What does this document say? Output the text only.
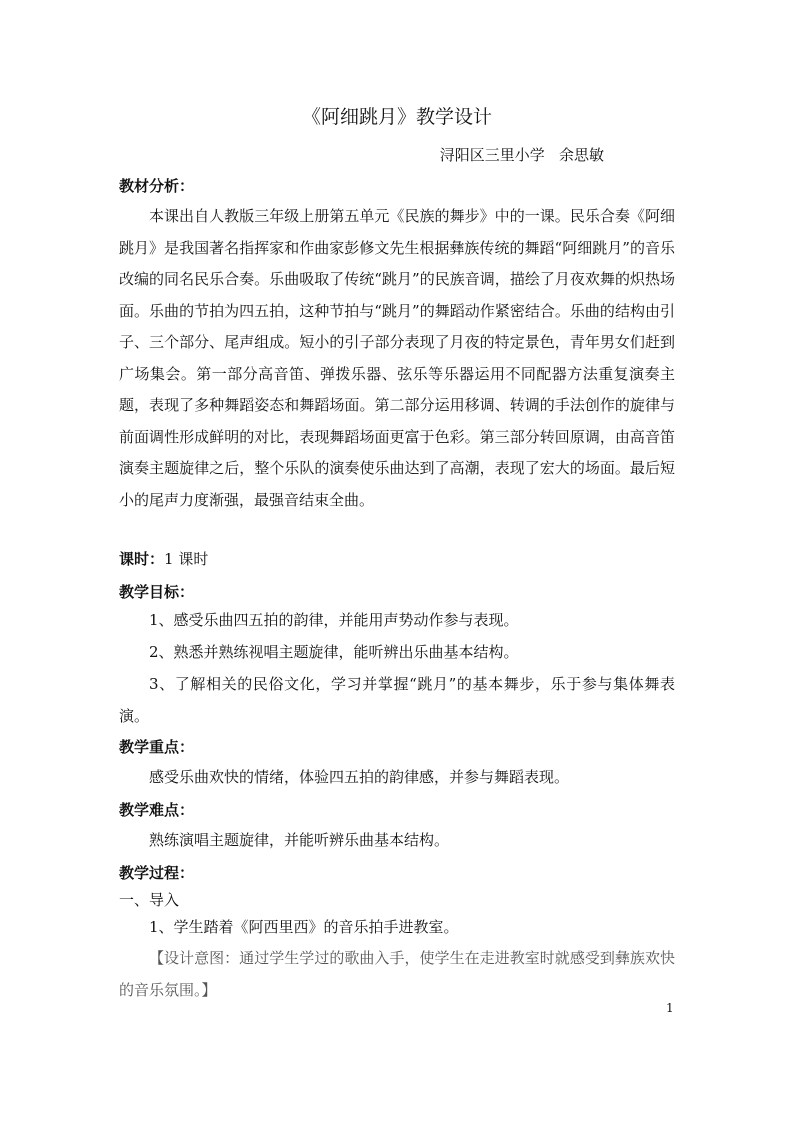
《阿细跳月》教学设计
浔阳区三里小学   余思敏
教材分析：
本课出自人教版三年级上册第五单元《民族的舞步》中的一课。民乐合奏《阿细跳月》是我国著名指挥家和作曲家彭修文先生根据彝族传统的舞蹈“阿细跳月”的音乐改编的同名民乐合奏。乐曲吸取了传统“跳月”的民族音调，描绘了月夜欢舞的炽热场面。乐曲的节拍为四五拍，这种节拍与“跳月”的舞蹈动作紧密结合。乐曲的结构由引子、三个部分、尾声组成。短小的引子部分表现了月夜的特定景色，青年男女们赶到广场集会。第一部分高音笛、弹拨乐器、弦乐等乐器运用不同配器方法重复演奏主题，表现了多种舞蹈姿态和舞蹈场面。第二部分运用移调、转调的手法创作的旋律与前面调性形成鲜明的对比，表现舞蹈场面更富于色彩。第三部分转回原调，由高音笛演奏主题旋律之后，整个乐队的演奏使乐曲达到了高潮，表现了宏大的场面。最后短小的尾声力度渐强，最强音结束全曲。
课时：1 课时
教学目标：
1、感受乐曲四五拍的韵律，并能用声势动作参与表现。
2、熟悉并熟练视唱主题旋律，能听辨出乐曲基本结构。
3、了解相关的民俗文化，学习并掌握“跳月”的基本舞步，乐于参与集体舞表演。
教学重点：
感受乐曲欢快的情绪，体验四五拍的韵律感，并参与舞蹈表现。
教学难点：
熟练演唱主题旋律，并能听辨乐曲基本结构。
教学过程：
一、导入
1、学生踏着《阿西里西》的音乐拍手进教室。
【设计意图：通过学生学过的歌曲入手，使学生在走进教室时就感受到彝族欢快的音乐氛围。】
1
